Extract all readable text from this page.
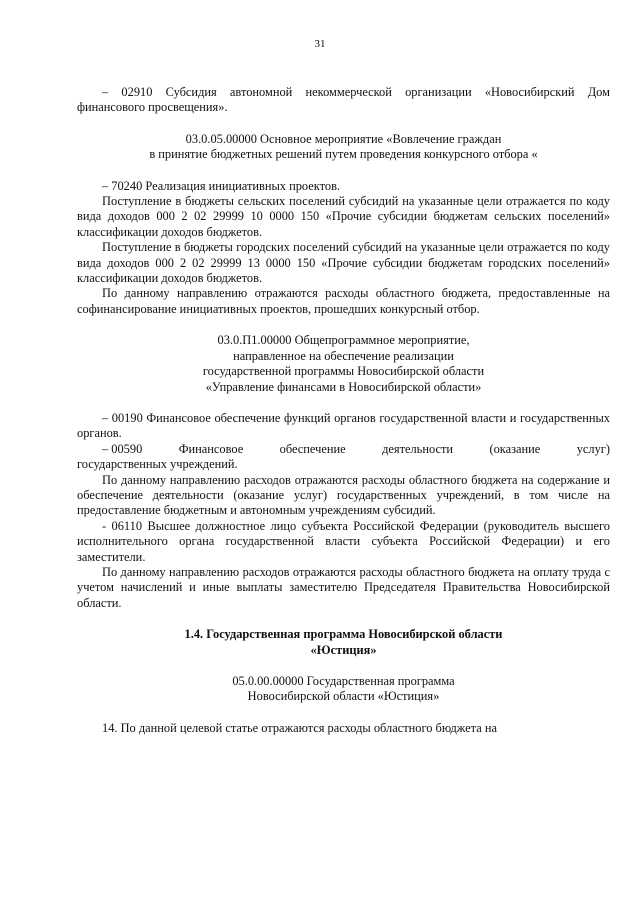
31

– 02910 Субсидия автономной некоммерческой организации «Новосибирский Дом финансового просвещения».

03.0.05.00000 Основное мероприятие «Вовлечение граждан
в принятие бюджетных решений путем проведения конкурсного отбора «

– 70240 Реализация инициативных проектов.

Поступление в бюджеты сельских поселений субсидий на указанные цели отражается по коду вида доходов 000 2 02 29999 10 0000 150 «Прочие субсидии бюджетам сельских поселений» классификации доходов бюджетов.

Поступление в бюджеты городских поселений субсидий на указанные цели отражается по коду вида доходов 000 2 02 29999 13 0000 150 «Прочие субсидии бюджетам городских поселений» классификации доходов бюджетов.

По данному направлению отражаются расходы областного бюджета, предоставленные на софинансирование инициативных проектов, прошедших конкурсный отбор.

03.0.П1.00000 Общепрограммное мероприятие,
направленное на обеспечение реализации
государственной программы Новосибирской области
«Управление финансами в Новосибирской области»

– 00190 Финансовое обеспечение функций органов государственной власти и государственных органов.

– 00590	Финансовое	обеспечение	деятельности	(оказание	услуг)
государственных учреждений.

По данному направлению расходов отражаются расходы областного бюджета на содержание и обеспечение деятельности (оказание услуг) государственных учреждений, в том числе на предоставление бюджетным и автономным учреждениям субсидий.

- 06110 Высшее должностное лицо субъекта Российской Федерации (руководитель высшего исполнительного органа государственной власти субъекта Российской Федерации) и его заместители.

По данному направлению расходов отражаются расходы областного бюджета на оплату труда с учетом начислений и иные выплаты заместителю Председателя Правительства Новосибирской области.

1.4. Государственная программа Новосибирской области
«Юстиция»
05.0.00.00000 Государственная программа
Новосибирской области «Юстиция»

14. По данной целевой статье отражаются расходы областного бюджета на
